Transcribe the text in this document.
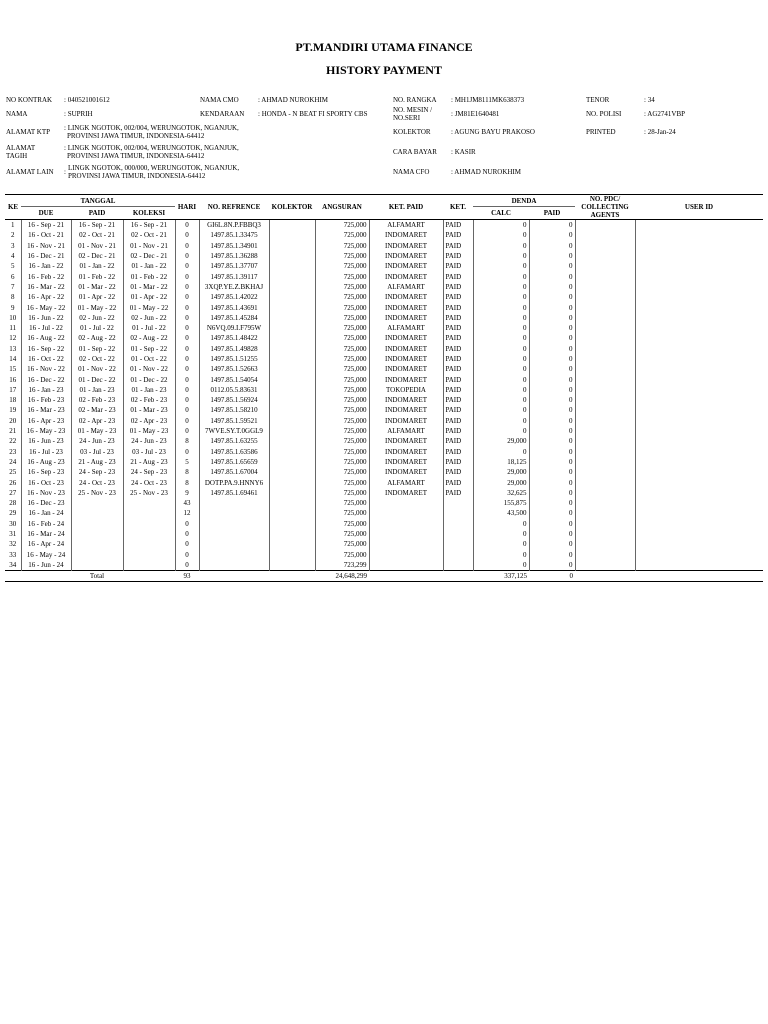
PT.MANDIRI UTAMA FINANCE
HISTORY PAYMENT
NO KONTRAK : 040521001612
NAMA	: SUPRIH
ALAMAT KTP : LINGK NGOTOK, 002/004, WERUNGOTOK, NGANJUK,
PROVINSI JAWA TIMUR, INDONESIA-64412
ALAMAT
TAGIH
: LINGK NGOTOK, 002/004, WERUNGOTOK, NGANJUK,
PROVINSI JAWA TIMUR, INDONESIA-64412
ALAMAT LAIN : LINGK NGOTOK, 000/000, WERUNGOTOK, NGANJUK,
PROVINSI JAWA TIMUR, INDONESIA-64412
NAMA CMO	: AHMAD NUROKHIM
KENDARAAN : HONDA - N BEAT FI SPORTY CBS
NO. RANGKA : MH1JM8111MK638373
NO. MESIN /
NO.SERI	: JM81E1640481
KOLEKTOR	: AGUNG BAYU PRAKOSO
CARA BAYAR : KASIR
NAMA CFO	: AHMAD NUROKHIM
TENOR	: 34
NO. POLISI	: AG2741VBP
PRINTED	: 28-Jan-24
KE	TANGGAL			HARI	NO. REFRENCE	KOLEKTOR	ANGSURAN	KET. PAID	KET.	DENDA		NO. PDC/
COLLECTING
AGENTS	USER ID
	DUE	PAID	KOLEKSI							CALC	PAID		

1	16 - Sep - 21	16 - Sep - 21	16 - Sep - 21	0	GI6L.8N.P.FBBQ3		725,000	ALFAMART	PAID	0	0		
2	16 - Oct - 21	02 - Oct - 21	02 - Oct - 21	0	1497.85.1.33475		725,000	INDOMARET	PAID	0	0		
3	16 - Nov - 21	01 - Nov - 21	01 - Nov - 21	0	1497.85.1.34901		725,000	INDOMARET	PAID	0	0		
4	16 - Dec - 21	02 - Dec - 21	02 - Dec - 21	0	1497.85.1.36288		725,000	INDOMARET	PAID	0	0		
5	16 - Jan - 22	01 - Jan - 22	01 - Jan - 22	0	1497.85.1.37707		725,000	INDOMARET	PAID	0	0		
6	16 - Feb - 22	01 - Feb - 22	01 - Feb - 22	0	1497.85.1.39117		725,000	INDOMARET	PAID	0	0		
7	16 - Mar - 22	01 - Mar - 22	01 - Mar - 22	0	3XQP.YE.Z.BKHAJ		725,000	ALFAMART	PAID	0	0		
8	16 - Apr - 22	01 - Apr - 22	01 - Apr - 22	0	1497.85.1.42022		725,000	INDOMARET	PAID	0	0		
9	16 - May - 22	01 - May - 22	01 - May - 22	0	1497.85.1.43691		725,000	INDOMARET	PAID	0	0		
10	16 - Jun - 22	02 - Jun - 22	02 - Jun - 22	0	1497.85.1.45284		725,000	INDOMARET	PAID	0	0		
11	16 - Jul - 22	01 - Jul - 22	01 - Jul - 22	0	N6VQ.09.I.F795W		725,000	ALFAMART	PAID	0	0		
12	16 - Aug - 22	02 - Aug - 22	02 - Aug - 22	0	1497.85.1.48422		725,000	INDOMARET	PAID	0	0		
13	16 - Sep - 22	01 - Sep - 22	01 - Sep - 22	0	1497.85.1.49828		725,000	INDOMARET	PAID	0	0		
14	16 - Oct - 22	02 - Oct - 22	01 - Oct - 22	0	1497.85.1.51255		725,000	INDOMARET	PAID	0	0		
15	16 - Nov - 22	01 - Nov - 22	01 - Nov - 22	0	1497.85.1.52663		725,000	INDOMARET	PAID	0	0		
16	16 - Dec - 22	01 - Dec - 22	01 - Dec - 22	0	1497.85.1.54054		725,000	INDOMARET	PAID	0	0		
17	16 - Jan - 23	01 - Jan - 23	01 - Jan - 23	0	0112.05.5.83631		725,000	TOKOPEDIA	PAID	0	0		
18	16 - Feb - 23	02 - Feb - 23	02 - Feb - 23	0	1497.85.1.56924		725,000	INDOMARET	PAID	0	0		
19	16 - Mar - 23	02 - Mar - 23	01 - Mar - 23	0	1497.85.1.58210		725,000	INDOMARET	PAID	0	0		
20	16 - Apr - 23	02 - Apr - 23	02 - Apr - 23	0	1497.85.1.59521		725,000	INDOMARET	PAID	0	0		
21	16 - May - 23	01 - May - 23	01 - May - 23	0	7WVE.SY.T.0GGL9		725,000	ALFAMART	PAID	0	0		
22	16 - Jun - 23	24 - Jun - 23	24 - Jun - 23	8	1497.85.1.63255		725,000	INDOMARET	PAID	29,000	0		
23	16 - Jul - 23	03 - Jul - 23	03 - Jul - 23	0	1497.85.1.63586		725,000	INDOMARET	PAID	0	0		
24	16 - Aug - 23	21 - Aug - 23	21 - Aug - 23	5	1497.85.1.65659		725,000	INDOMARET	PAID	18,125	0		
25	16 - Sep - 23	24 - Sep - 23	24 - Sep - 23	8	1497.85.1.67004		725,000	INDOMARET	PAID	29,000	0		
26	16 - Oct - 23	24 - Oct - 23	24 - Oct - 23	8	DOTP.PA.9.HNNY6		725,000	ALFAMART	PAID	29,000	0		
27	16 - Nov - 23	25 - Nov - 23	25 - Nov - 23	9	1497.85.1.69461		725,000	INDOMARET	PAID	32,625	0		
28	16 - Dec - 23			43			725,000			155,875	0		
29	16 - Jan - 24			12			725,000			43,500	0		
30	16 - Feb - 24			0			725,000			0	0		
31	16 - Mar - 24			0			725,000			0	0		
32	16 - Apr - 24			0			725,000			0	0		
33	16 - May - 24			0			725,000			0	0		
34	16 - Jun - 24			0			723,299			0	0		
		Total		93			24,648,299			337,125	0		
